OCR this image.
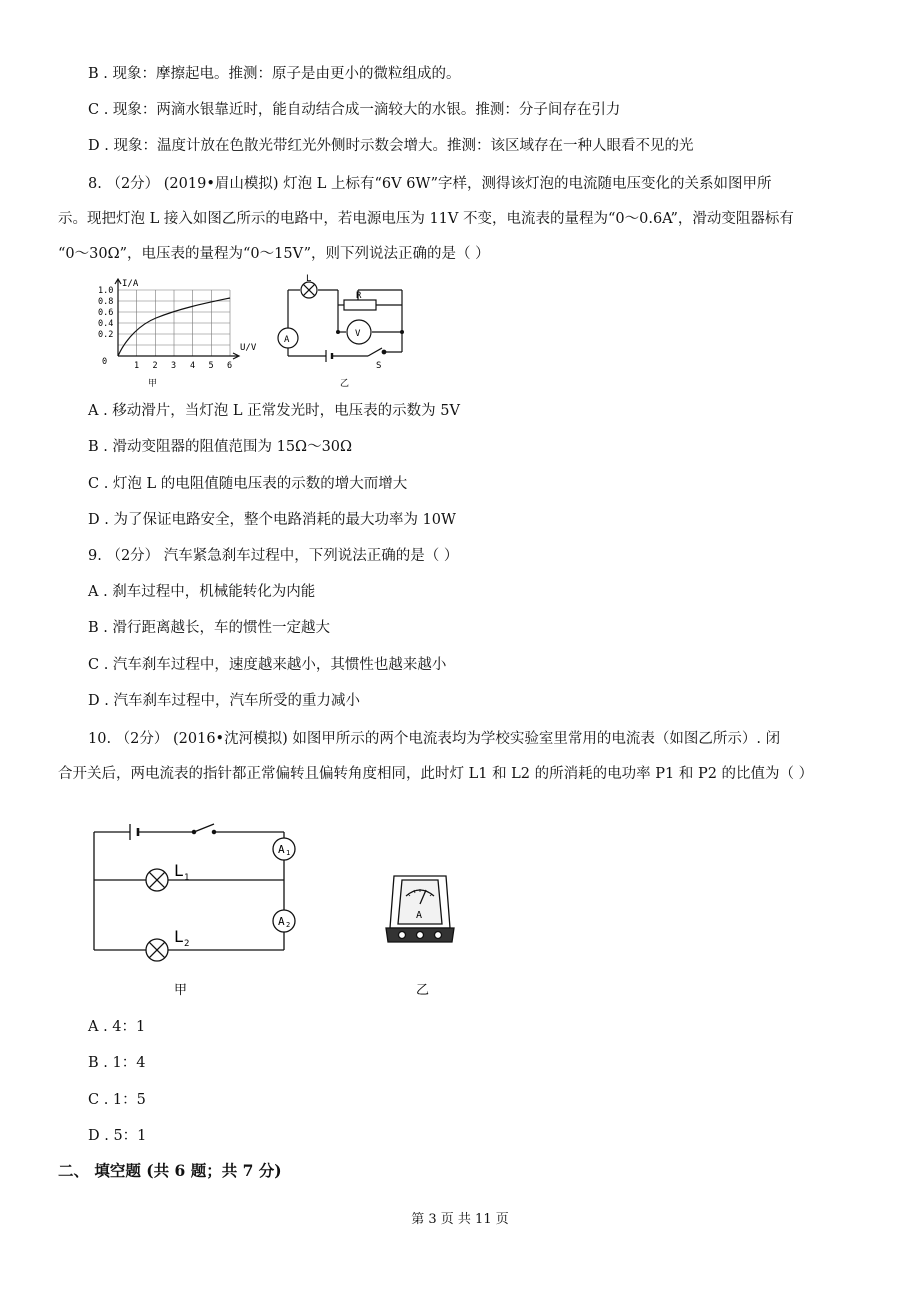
B . 现象：摩擦起电。推测：原子是由更小的微粒组成的。
C . 现象：两滴水银靠近时，能自动结合成一滴较大的水银。推测：分子间存在引力
D . 现象：温度计放在色散光带红光外侧时示数会增大。推测：该区域存在一种人眼看不见的光
8. （2分） (2019•眉山模拟) 灯泡 L 上标有“6V 6W”字样，测得该灯泡的电流随电压变化的关系如图甲所
示。现把灯泡 L 接入如图乙所示的电路中，若电源电压为 11V 不变，电流表的量程为“0～0.6A”，滑动变阻器标有
“0～30Ω”，电压表的量程为“0～15V”，则下列说法正确的是（ ）
I/A
U/V
1.0
0.8
0.6
0.4
0.2
0	1 2 3 4 5 6
甲
L
R
A
V
S
乙
A . 移动滑片，当灯泡 L 正常发光时，电压表的示数为 5V
B . 滑动变阻器的阻值范围为 15Ω～30Ω
C . 灯泡 L 的电阻值随电压表的示数的增大而增大
D . 为了保证电路安全，整个电路消耗的最大功率为 10W
9. （2分） 汽车紧急刹车过程中，下列说法正确的是（ ）
A . 刹车过程中，机械能转化为内能
B . 滑行距离越长，车的惯性一定越大
C . 汽车刹车过程中，速度越来越小，其惯性也越来越小
D . 汽车刹车过程中，汽车所受的重力减小
10. （2分） (2016•沈河模拟) 如图甲所示的两个电流表均为学校实验室里常用的电流表（如图乙所示）. 闭
合开关后，两电流表的指针都正常偏转且偏转角度相同，此时灯 L1 和 L2 的所消耗的电功率 P1 和 P2 的比值为（ ）
L 1
L 2
A 1
A 2
甲
A
乙
A . 4：1
B . 1：4
C . 1：5
D . 5：1
二、 填空题 (共 6 题；共 7 分)
第 3 页 共 11 页
